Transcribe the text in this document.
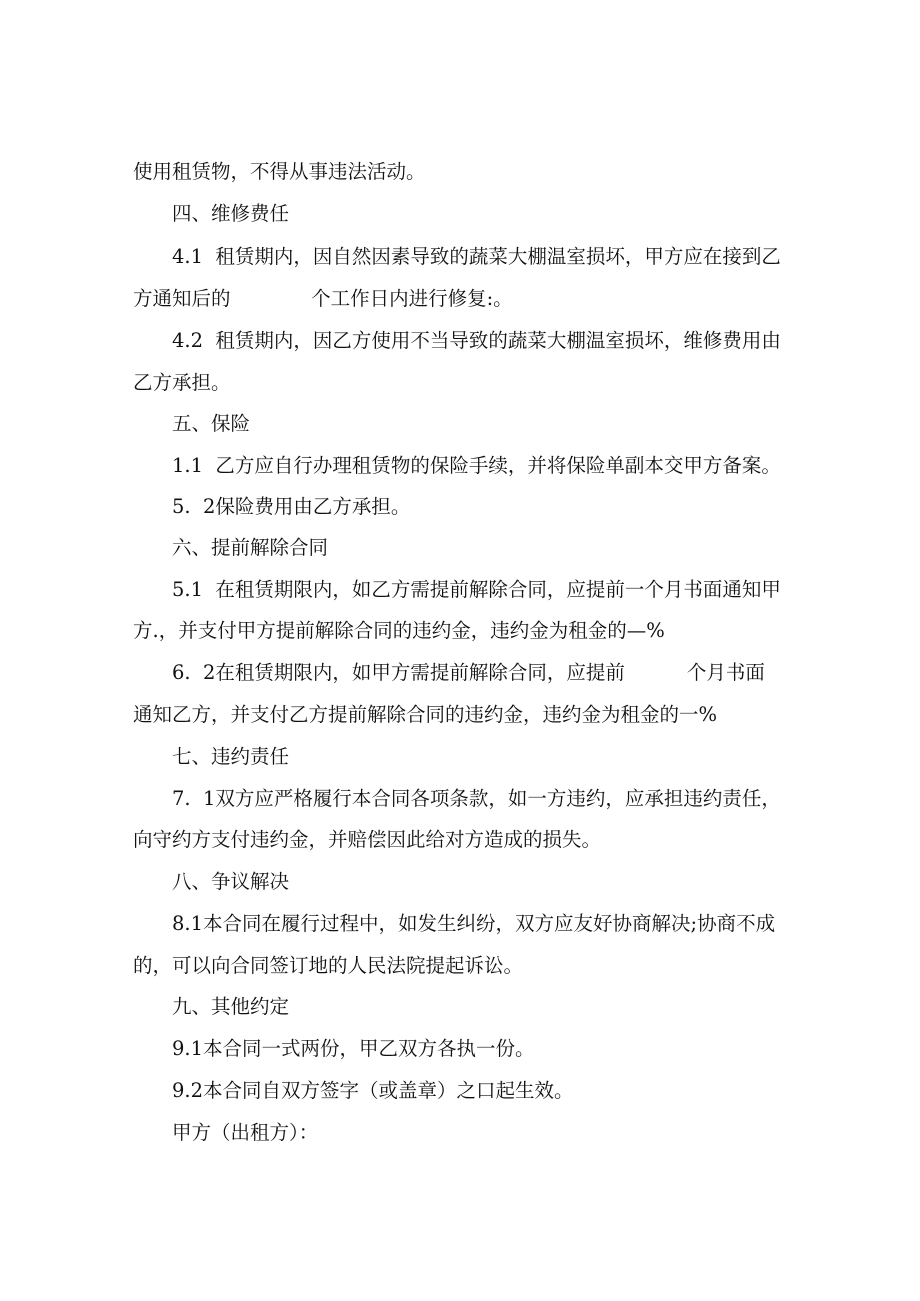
使用租赁物，不得从事违法活动。
四、维修费任
4.1  租赁期内，因自然因素导致的蔬菜大棚温室损坏，甲方应在接到乙
方通知后的             个工作日内进行修复:。
4.2  租赁期内，因乙方使用不当导致的蔬菜大棚温室损坏，维修费用由
乙方承担。
五、保险
1.1  乙方应自行办理租赁物的保险手续，并将保险单副本交甲方备案。
5.  2保险费用由乙方承担。
六、提前解除合同
5.1  在租赁期限内，如乙方需提前解除合同，应提前一个月书面通知甲
方.，并支付甲方提前解除合同的违约金，违约金为租金的—%
6.  2在租赁期限内，如甲方需提前解除合同，应提前          个月书面
通知乙方，并支付乙方提前解除合同的违约金，违约金为租金的一%
七、违约责任
7.  1双方应严格履行本合同各项条款，如一方违约，应承担违约责任，
向守约方支付违约金，并赔偿因此给对方造成的损失。
八、争议解决
8.1本合同在履行过程中，如发生纠纷，双方应友好协商解决;协商不成
的，可以向合同签订地的人民法院提起诉讼。
九、其他约定
9.1本合同一式两份，甲乙双方各执一份。
9.2本合同自双方签字（或盖章）之口起生效。
甲方（出租方）：
